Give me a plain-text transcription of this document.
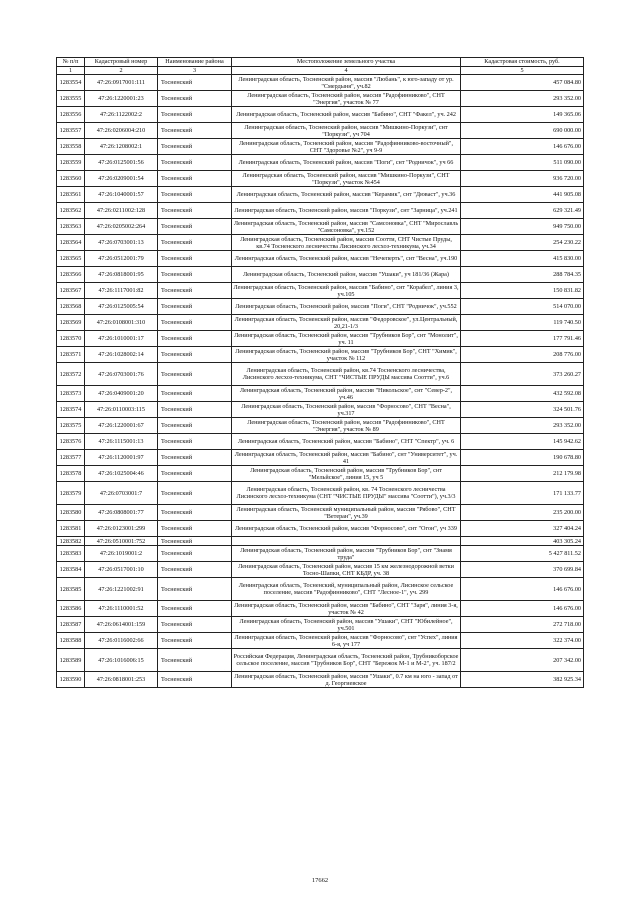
№ п/п	Кадастровый номер	Наименование района	Местоположение земельного участка	Кадастровая стоимость, руб.
1	2	3	4	5
1283554	47:26:0917001:111	Тосненский	Ленинградская область, Тосненский район, массив "Любань", к юго-западу от ур. "Смердыня", уч.82	457 084.80
1283555	47:26:1220001:23	Тосненский	Ленинградская область, Тосненский район, массив "Радофинниково", СНТ "Энергия", участок № 77	293 352.00
1283556	47:26:1122002:2	Тосненский	Ленинградская область, Тосненский район, массив "Бабино", СНТ "Факел", уч. 242	149 365.06
1283557	47:26:0206004:210	Тосненский	Ленинградская область, Тосненский район, массив "Мишкино-Поркузи", снт "Поркузи", уч 704	690 000.00
1283558	47:26:1208002:1	Тосненский	Ленинградская область, Тосненский район, массив "Радофинниково-восточный", СНТ "Здоровье №2", уч 9-9	146 676.00
1283559	47:26:0125001:56	Тосненский	Ленинградская область, Тосненский район, массив "Поги", снт "Родничок", уч 66	511 090.00
1283560	47:26:0209001:54	Тосненский	Ленинградская область, Тосненский район, массив "Мишкино-Поркузи", СНТ "Поркузи", участок №454	936 720.00
1283561	47:26:1040001:57	Тосненский	Ленинградская область, Тосненский район, массив "Керамик", снт "Дюваст", уч.36	441 905.08
1283562	47:26:0211002:128	Тосненский	Ленинградская область, Тосненский район, массив "Поркузи", снт "Зарница", уч.241	629 321.49
1283563	47:26:0205002:264	Тосненский	Ленинградская область, Тосненский район, массив "Самсоновка", СНТ "Мирославль "Самсоновка", уч.152	949 750.00
1283564	47:26:0703001:13	Тосненский	Ленинградская область, Тосненский район, массив Соотти, СНТ Чистые Пруды, кв.74 Тосненского лесничества Лисинского лесхоз-техникума, уч.34	254 230.22
1283565	47:26:0512001:79	Тосненский	Ленинградская область, Тосненский район, массив "Нечеперть", снт "Весна", уч.190	415 830.00
1283566	47:26:0818001:95	Тосненский	Ленинградская область, Тосненский район, массив "Ушаки", уч 181/36 (Жара)	288 784.35
1283567	47:26:1117001:82	Тосненский	Ленинградская область, Тосненский район, массив "Бабино", снт "Корабел", линия 3, уч.105	150 831.82
1283568	47:26:0125005:54	Тосненский	Ленинградская область, Тосненский район, массив "Поги", СНТ "Родничок", уч.552	514 070.00
1283569	47:26:0108001:310	Тосненский	Ленинградская область, Тосненский район, массив "Федоровское", ул.Центральный, 20,21-1/3	119 740.50
1283570	47:26:1010001:17	Тосненский	Ленинградская область, Тосненский район, массив "Трубников Бор", снт "Монолит", уч. 11	177 791.46
1283571	47:26:1028002:14	Тосненский	Ленинградская область, Тосненский район, массив "Трубников Бор", СНТ "Химик", участок № 112	208 776.00
1283572	47:26:0703001:76	Тосненский	Ленинградская область, Тосненский район, кв.74 Тосненского лесничества, Лисинского лесхоз-техникума, СНТ "ЧИСТЫЕ ПРУДЫ массива Соотти", уч.6	373 260.27
1283573	47:26:0409001:20	Тосненский	Ленинградская область, Тосненский район, массив "Никольское", снт "Север-2", уч.46	432 592.08
1283574	47:26:0110003:115	Тосненский	Ленинградская область, Тосненский район, массив "Форносово", СНТ "Весна", уч.317	324 501.76
1283575	47:26:1220001:67	Тосненский	Ленинградская область, Тосненский район, массив "Радофинниково", СНТ "Энергия", участок № 89	293 352.00
1283576	47:26:1115001:13	Тосненский	Ленинградская область, Тосненский район, массив "Бабино", СНТ "Спектр", уч. 6	145 942.62
1283577	47:26:1120001:97	Тосненский	Ленинградская область, Тосненский район, массив "Бабино", снт "Университет", уч. 41	190 678.80
1283578	47:26:1025004:46	Тосненский	Ленинградская область, Тосненский район, массив "Трубников Бор", снт "Мельйское", линия 15, уч 5	212 179.98
1283579	47:26:0703001:7	Тосненский	Ленинградская область, Тосненский район, кв. 74 Тосненского лесничества Лисинского лесхоз-техникума (СНТ "ЧИСТЫЕ ПРУДЫ" массива "Соотти"), уч.3/3	171 133.77
1283580	47:26:0808001:77	Тосненский	Ленинградская область, Тосненский муниципальный район, массив "Рябово", СНТ "Ветеран", уч.39	235 200.00
1283581	47:26:0123001:299	Тосненский	Ленинградская область, Тосненский район, массив "Форносово", снт "Огон", уч 339	327 404.24
1283582	47:26:0510001:752	Тосненский		403 305.24
1283583	47:26:1019001:2	Тосненский	Ленинградская область, Тосненский район, массив "Трубников Бор", снт "Знамя труда"	5 427 811.52
1283584	47:26:0517001:10	Тосненский	Ленинградская область, Тосненский район, массив 15 км железнодорожной ветки Тосно-Шапки, СНТ КБДР, уч. 38	370 699.84
1283585	47:26:1221002:91	Тосненский	Ленинградская область, Тосненский, муниципальный район, Лисинское сельское поселение, массив "Радофинниково", СНТ "Лесное-1", уч. 299	146 676.00
1283586	47:26:1110001:52	Тосненский	Ленинградская область, Тосненский район, массив "Бабино", СНТ "Заря", линия 3-я, участок № 42	146 676.00
1283587	47:26:0614001:159	Тосненский	Ленинградская область, Тосненский район, массив "Ушаки", СНТ "Юбилейное", уч.501	272 718.00
1283588	47:26:0116002:66	Тосненский	Ленинградская область, Тосненский район, массив "Форносово", снт "Успех", линия 6-я, уч 177	322 374.00
1283589	47:26:1016006:15	Тосненский	Российская Федерация, Ленинградская область, Тосненский район, Трубникоборское сельское поселение, массив "Трубников Бор", СНТ "Бережок М-1 и М-2", уч. 187/2	207 342.00
1283590	47:26:0818001:253	Тосненский	Ленинградская область, Тосненский район, массив "Ушаки", 0.7 км на юго - запад от д. Георгиевское	382 925.34
17662
